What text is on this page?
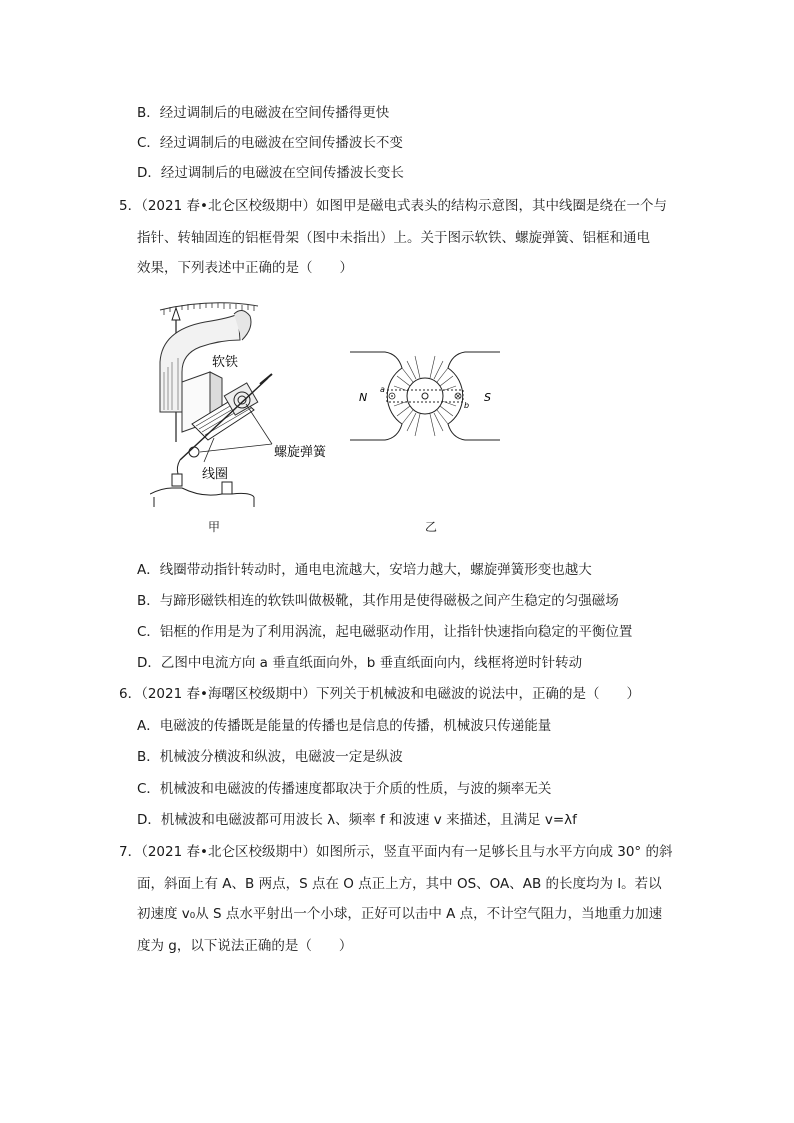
B．经过调制后的电磁波在空间传播得更快
C．经过调制后的电磁波在空间传播波长不变
D．经过调制后的电磁波在空间传播波长变长
5．（2021 春•北仑区校级期中）如图甲是磁电式表头的结构示意图，其中线圈是绕在一个与
指针、转轴固连的铝框骨架（图中未指出）上。关于图示软铁、螺旋弹簧、铝框和通电
效果，下列表述中正确的是（　　）
软铁
螺旋弹簧
线圈
甲
N	S
a
b
乙
A．线圈带动指针转动时，通电电流越大，安培力越大，螺旋弹簧形变也越大
B．与蹄形磁铁相连的软铁叫做极靴，其作用是使得磁极之间产生稳定的匀强磁场
C．铝框的作用是为了利用涡流，起电磁驱动作用，让指针快速指向稳定的平衡位置
D．乙图中电流方向 a 垂直纸面向外，b 垂直纸面向内，线框将逆时针转动
6．（2021 春•海曙区校级期中）下列关于机械波和电磁波的说法中，正确的是（　　）
A．电磁波的传播既是能量的传播也是信息的传播，机械波只传递能量
B．机械波分横波和纵波，电磁波一定是纵波
C．机械波和电磁波的传播速度都取决于介质的性质，与波的频率无关
D．机械波和电磁波都可用波长 λ、频率 f 和波速 v 来描述，且满足 v=λf
7．（2021 春•北仑区校级期中）如图所示，竖直平面内有一足够长且与水平方向成 30° 的斜
面，斜面上有 A、B 两点，S 点在 O 点正上方，其中 OS、OA、AB 的长度均为 l。若以
初速度 v₀从 S 点水平射出一个小球，正好可以击中 A 点，不计空气阻力，当地重力加速
度为 g，以下说法正确的是（　　）
